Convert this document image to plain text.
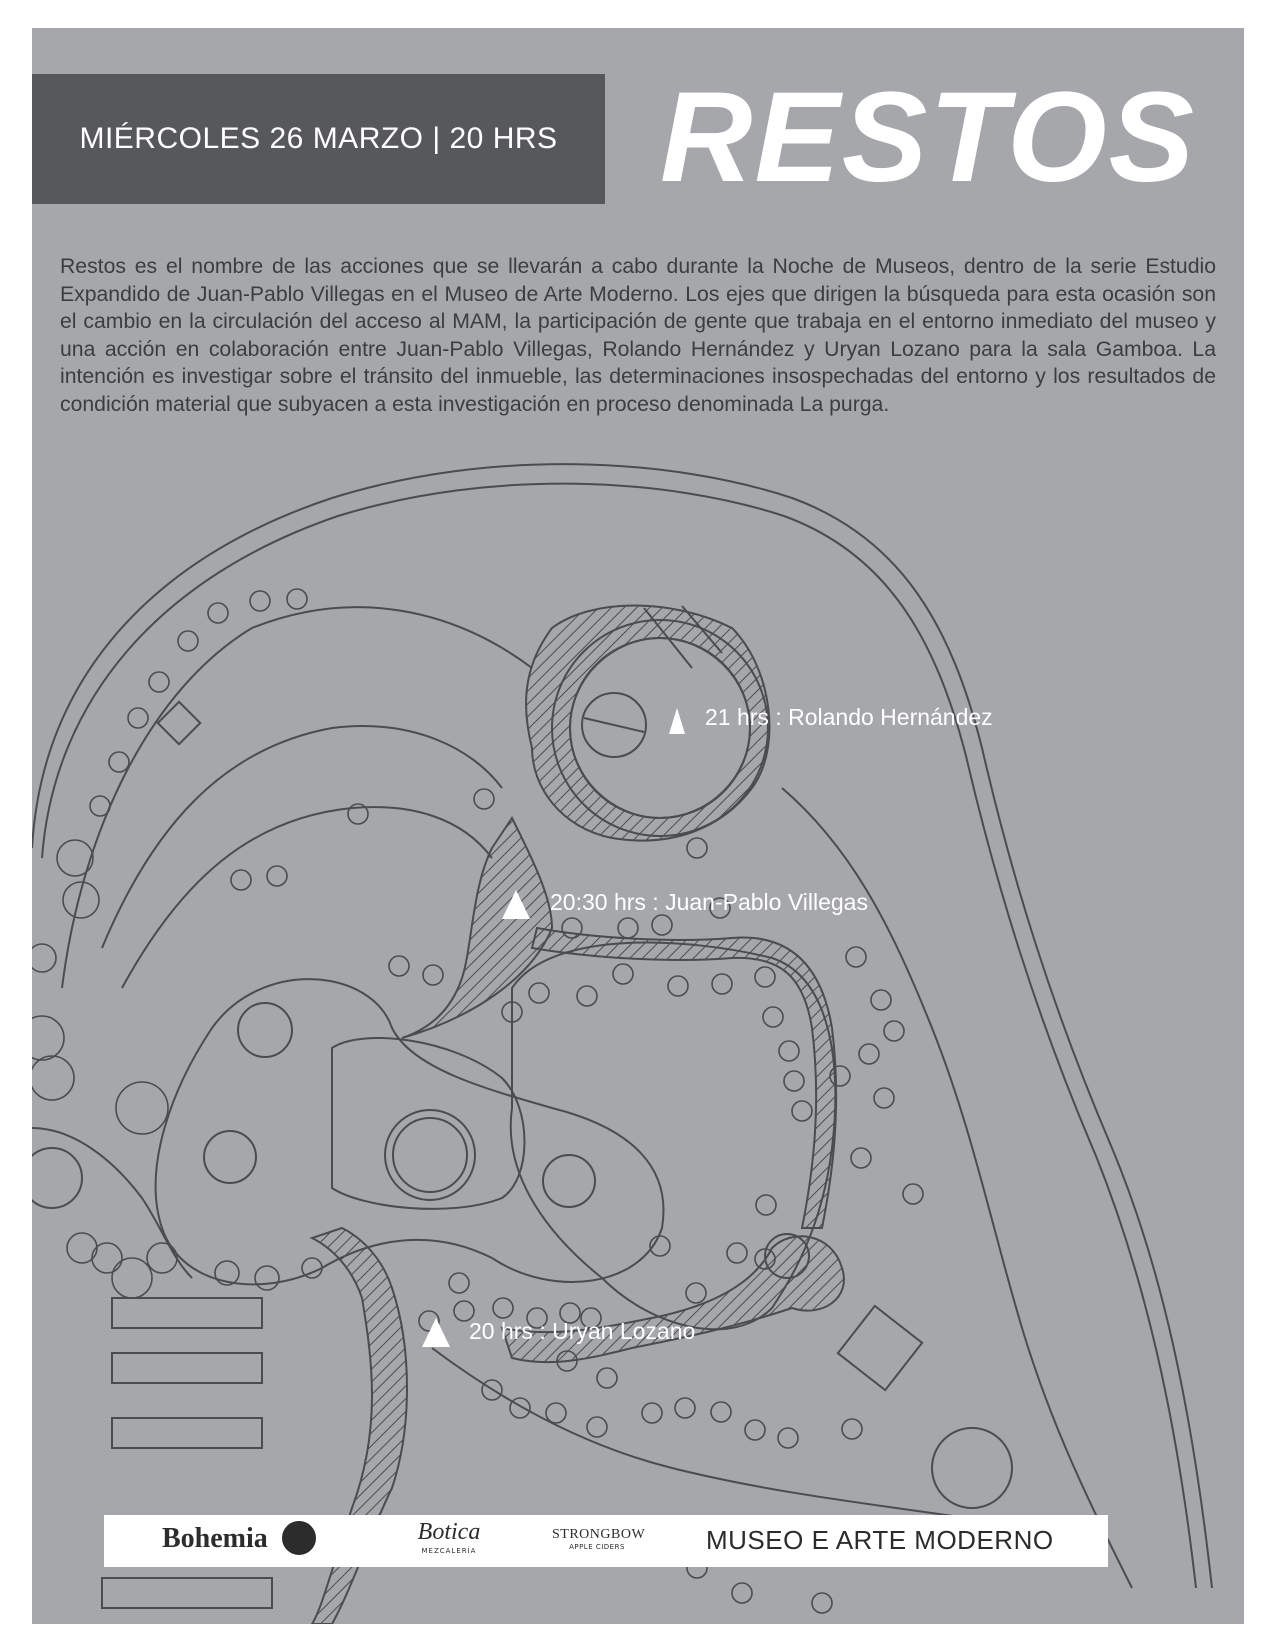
MIÉRCOLES 26 MARZO | 20 HRS RESTOS

Restos es el nombre de las acciones que se llevarán a cabo durante la Noche de Museos, dentro de la serie Estudio Expandido de Juan-Pablo Villegas en el Museo de Arte Moderno. Los ejes que dirigen la búsqueda para esta ocasión son el cambio en la circulación del acceso al MAM, la participación de gente que trabaja en el entorno inmediato del museo y una acción en colaboración entre Juan-Pablo Villegas, Rolando Hernández y Uryan Lozano para la sala Gamboa. La intención es investigar sobre el tránsito del inmueble, las determinaciones insospechadas del entorno y los resultados de condición material que subyacen a esta investigación en proceso denominada La purga.

21 hrs : Rolando Hernández
20:30 hrs : Juan-Pablo Villegas
20 hrs : Uryan Lozano
Bohemia	Botica
MEZCALERÍA
STRONGBOW
APPLE CIDERS	MUSEO E ARTE MODERNO
